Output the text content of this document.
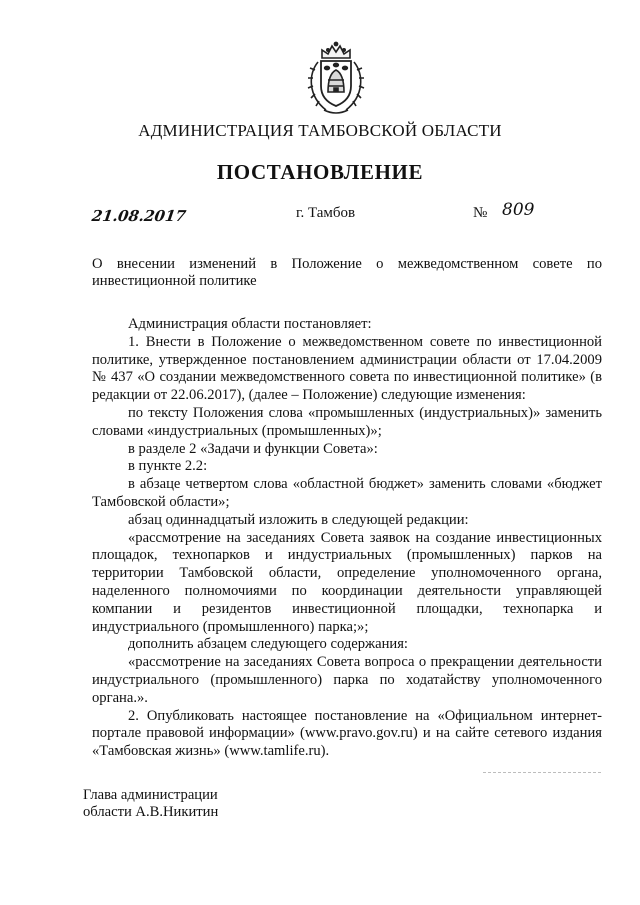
АДМИНИСТРАЦИЯ ТАМБОВСКОЙ ОБЛАСТИ
ПОСТАНОВЛЕНИЕ
21.08.2017	г. Тамбов	№ 809
О внесении изменений в Положение о межведомственном совете по инвестиционной политике

Администрация области постановляет:

1. Внести в Положение о межведомственном совете по инвестиционной политике, утвержденное постановлением администрации области от 17.04.2009 № 437 «О создании межведомственного совета по инвестиционной политике» (в редакции от 22.06.2017), (далее – Положение) следующие изменения:

по тексту Положения слова «промышленных (индустриальных)» заменить словами «индустриальных (промышленных)»;

в разделе 2 «Задачи и функции Совета»:

в пункте 2.2:

в абзаце четвертом слова «областной бюджет» заменить словами «бюджет Тамбовской области»;

абзац одиннадцатый изложить в следующей редакции:

«рассмотрение на заседаниях Совета заявок на создание инвестиционных площадок, технопарков и индустриальных (промышленных) парков на территории Тамбовской области, определение уполномоченного органа, наделенного полномочиями по координации деятельности управляющей компании и резидентов инвестиционной площадки, технопарка и индустриального (промышленного) парка;»;

дополнить абзацем следующего содержания:

«рассмотрение на заседаниях Совета вопроса о прекращении деятельности индустриального (промышленного) парка по ходатайству уполномоченного органа.».

2. Опубликовать настоящее постановление на «Официальном интернет-портале правовой информации» (www.pravo.gov.ru) и на сайте сетевого издания «Тамбовская жизнь» (www.tamlife.ru).

Глава администрации
области А.В.Никитин
